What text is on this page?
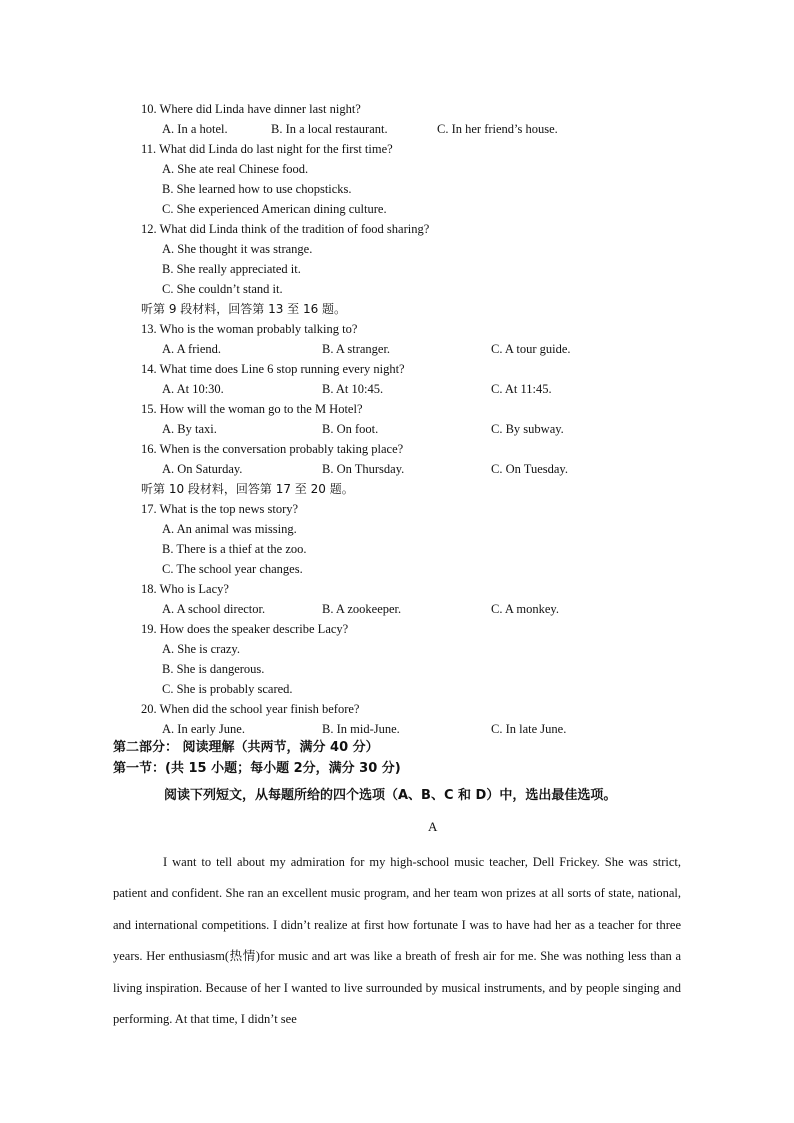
10. Where did Linda have dinner last night?
A. In a hotel.	B. In a local restaurant.	C. In her friend’s house.
11. What did Linda do last night for the first time?
A. She ate real Chinese food.
B. She learned how to use chopsticks.
C. She experienced American dining culture.
12. What did Linda think of the tradition of food sharing?
A. She thought it was strange.
B. She really appreciated it.
C. She couldn’t stand it.
听第 9 段材料，回答第 13 至 16 题。
13. Who is the woman probably talking to?
A. A friend.	B. A stranger.	C. A tour guide.
14. What time does Line 6 stop running every night?
A. At 10:30.	B. At 10:45.	C. At 11:45.
15. How will the woman go to the M Hotel?
A. By taxi.	B. On foot.	C. By subway.
16. When is the conversation probably taking place?
A. On Saturday.	B. On Thursday.	C. On Tuesday.
听第 10 段材料，回答第 17 至 20 题。
17. What is the top news story?
A. An animal was missing.
B. There is a thief at the zoo.
C. The school year changes.
18. Who is Lacy?
A. A school director.	B. A zookeeper.	C. A monkey.
19. How does the speaker describe Lacy?
A. She is crazy.
B. She is dangerous.
C. She is probably scared.
20. When did the school year finish before?
A. In early June.	B. In mid-June.	C. In late June.
第二部分： 阅读理解（共两节，满分 40 分）
第一节：(共 15 小题；每小题 2分，满分 30 分)
阅读下列短文，从每题所给的四个选项（A、B、C 和 D）中，选出最佳选项。
A

I want to tell about my admiration for my high-school music teacher, Dell Frickey. She was strict, patient and confident. She ran an excellent music program, and her team won prizes at all sorts of state, national, and international competitions. I didn’t realize at first how fortunate I was to have had her as a teacher for three years. Her enthusiasm(热情)for music and art was like a breath of fresh air for me. She was nothing less than a living inspiration. Because of her I wanted to live surrounded by musical instruments, and by people singing and performing. At that time, I didn’t see
